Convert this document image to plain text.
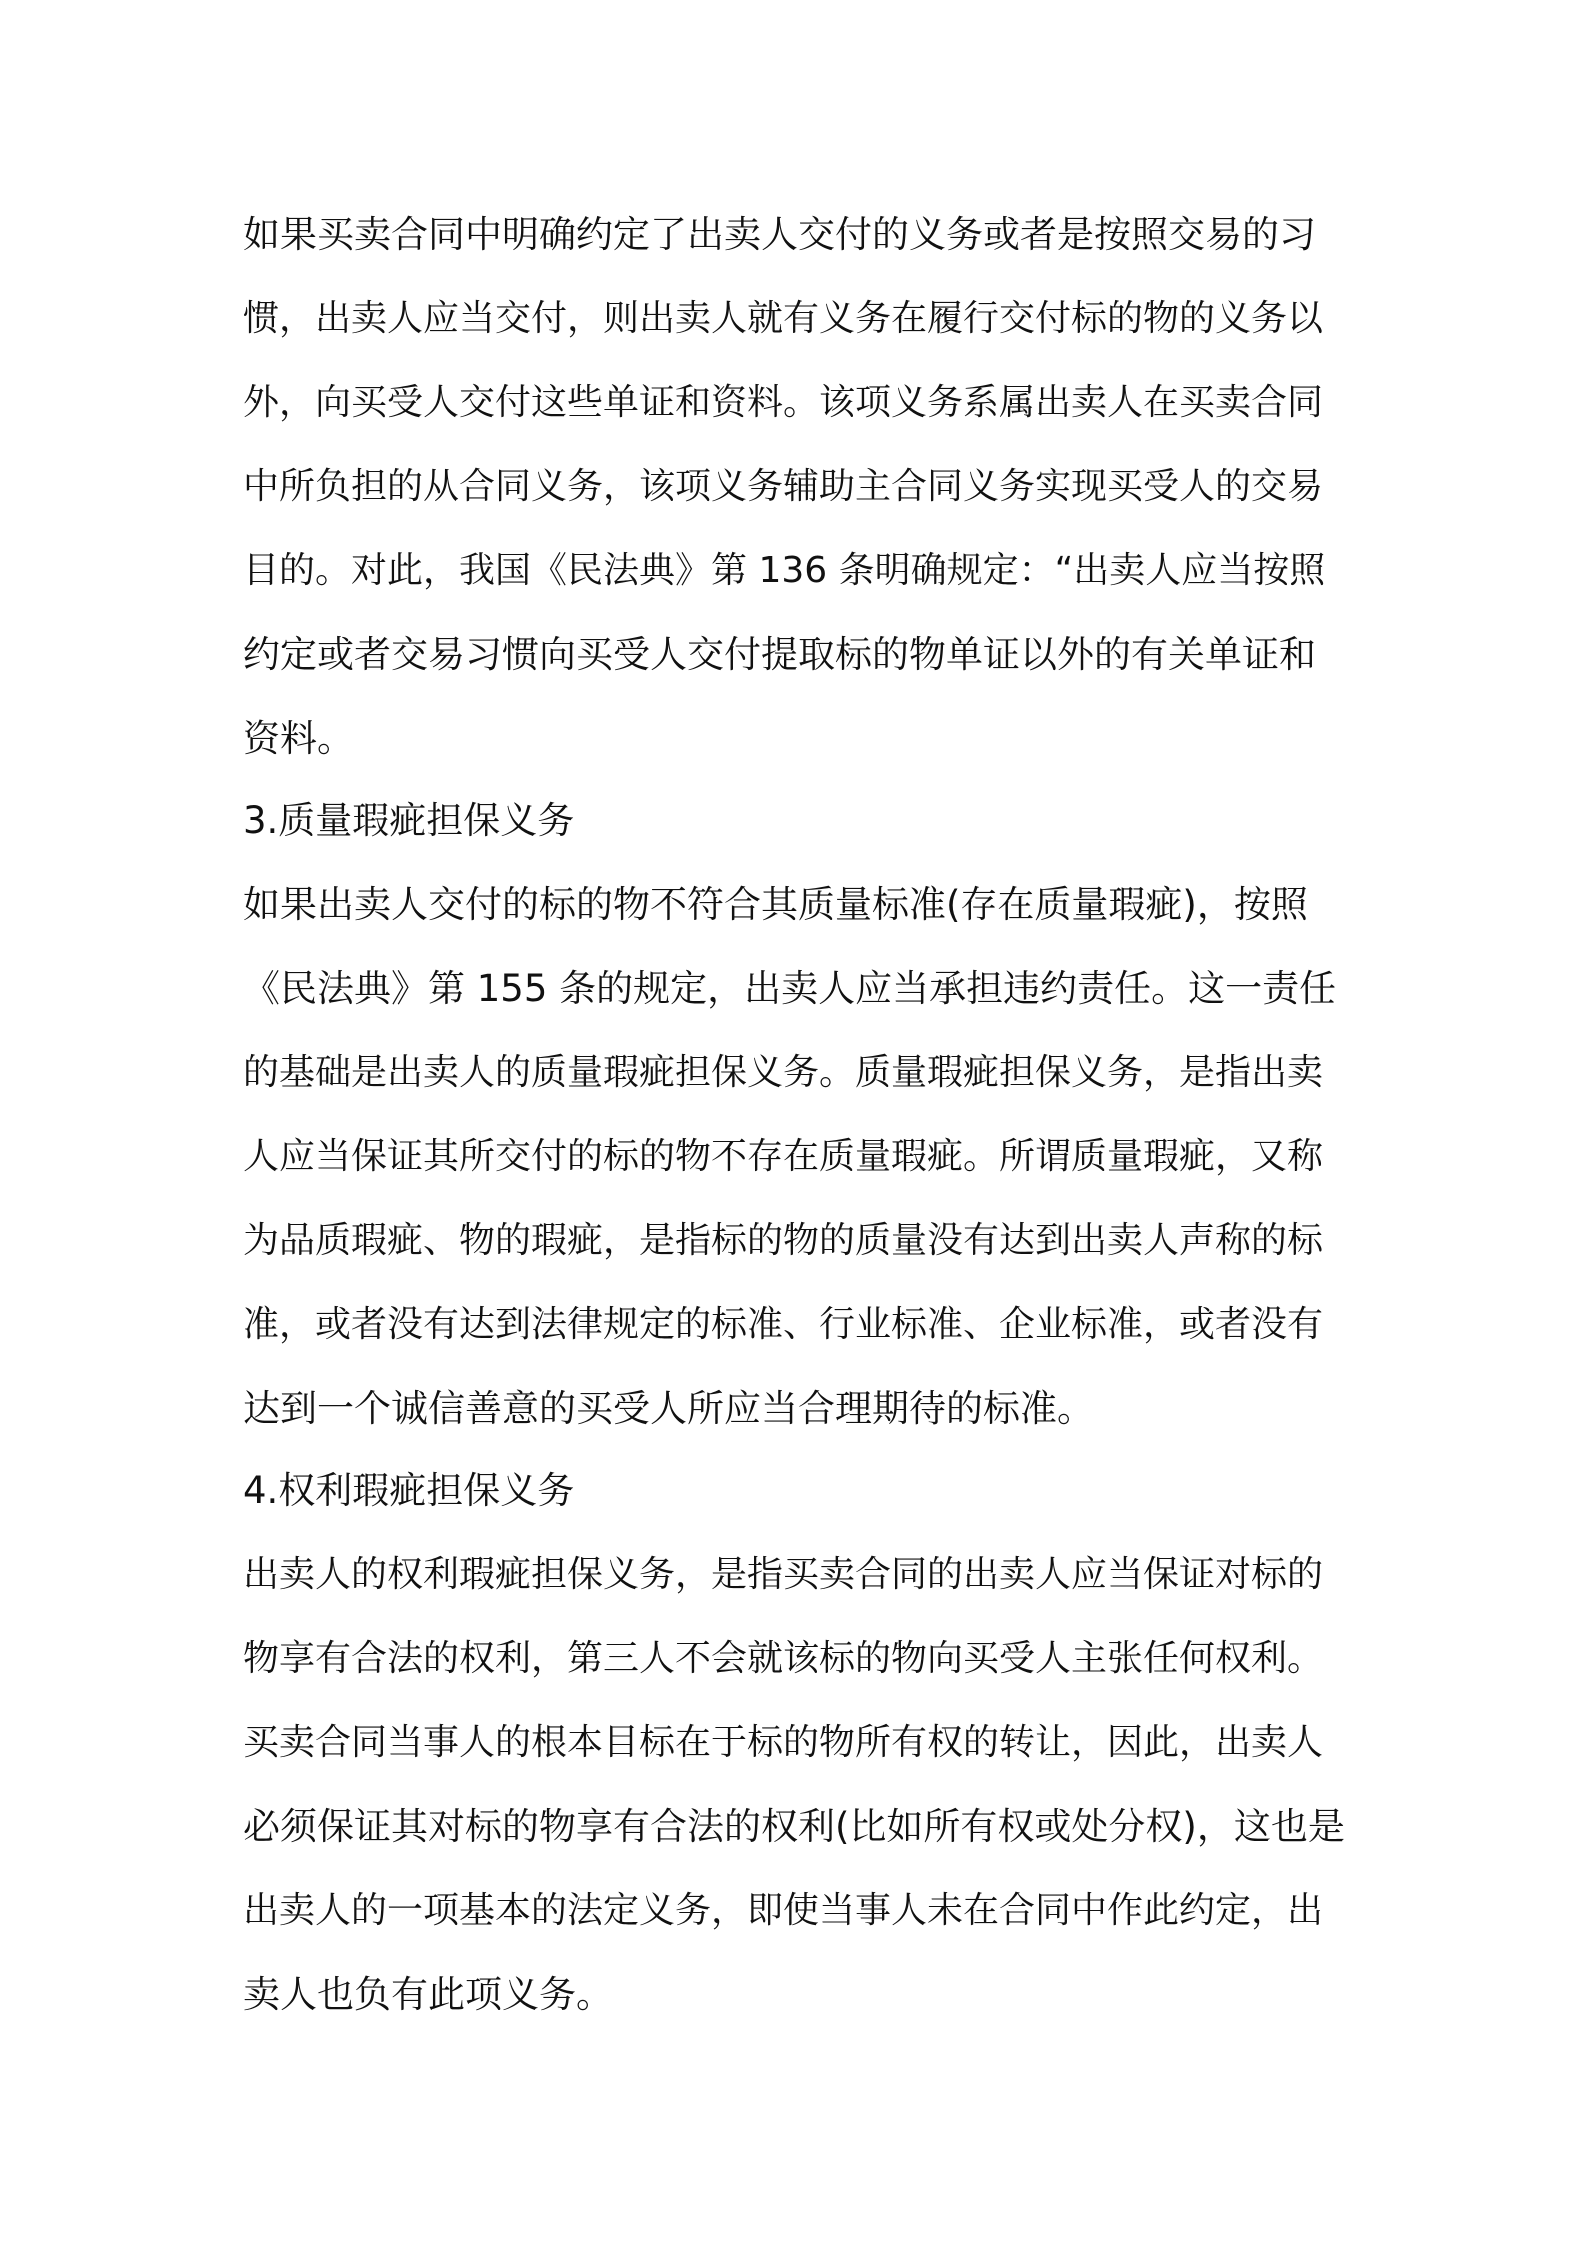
如果买卖合同中明确约定了出卖人交付的义务或者是按照交易的习

惯，出卖人应当交付，则出卖人就有义务在履行交付标的物的义务以

外，向买受人交付这些单证和资料。该项义务系属出卖人在买卖合同

中所负担的从合同义务，该项义务辅助主合同义务实现买受人的交易

目的。对此，我国《民法典》第 136 条明确规定：“出卖人应当按照

约定或者交易习惯向买受人交付提取标的物单证以外的有关单证和

资料。

3.质量瑕疵担保义务

如果出卖人交付的标的物不符合其质量标准(存在质量瑕疵)，按照

《民法典》第 155 条的规定，出卖人应当承担违约责任。这一责任

的基础是出卖人的质量瑕疵担保义务。质量瑕疵担保义务，是指出卖

人应当保证其所交付的标的物不存在质量瑕疵。所谓质量瑕疵，又称

为品质瑕疵、物的瑕疵，是指标的物的质量没有达到出卖人声称的标

准，或者没有达到法律规定的标准、行业标准、企业标准，或者没有

达到一个诚信善意的买受人所应当合理期待的标准。

4.权利瑕疵担保义务

出卖人的权利瑕疵担保义务，是指买卖合同的出卖人应当保证对标的

物享有合法的权利，第三人不会就该标的物向买受人主张任何权利。

买卖合同当事人的根本目标在于标的物所有权的转让，因此，出卖人

必须保证其对标的物享有合法的权利(比如所有权或处分权)，这也是

出卖人的一项基本的法定义务，即使当事人未在合同中作此约定，出

卖人也负有此项义务。
